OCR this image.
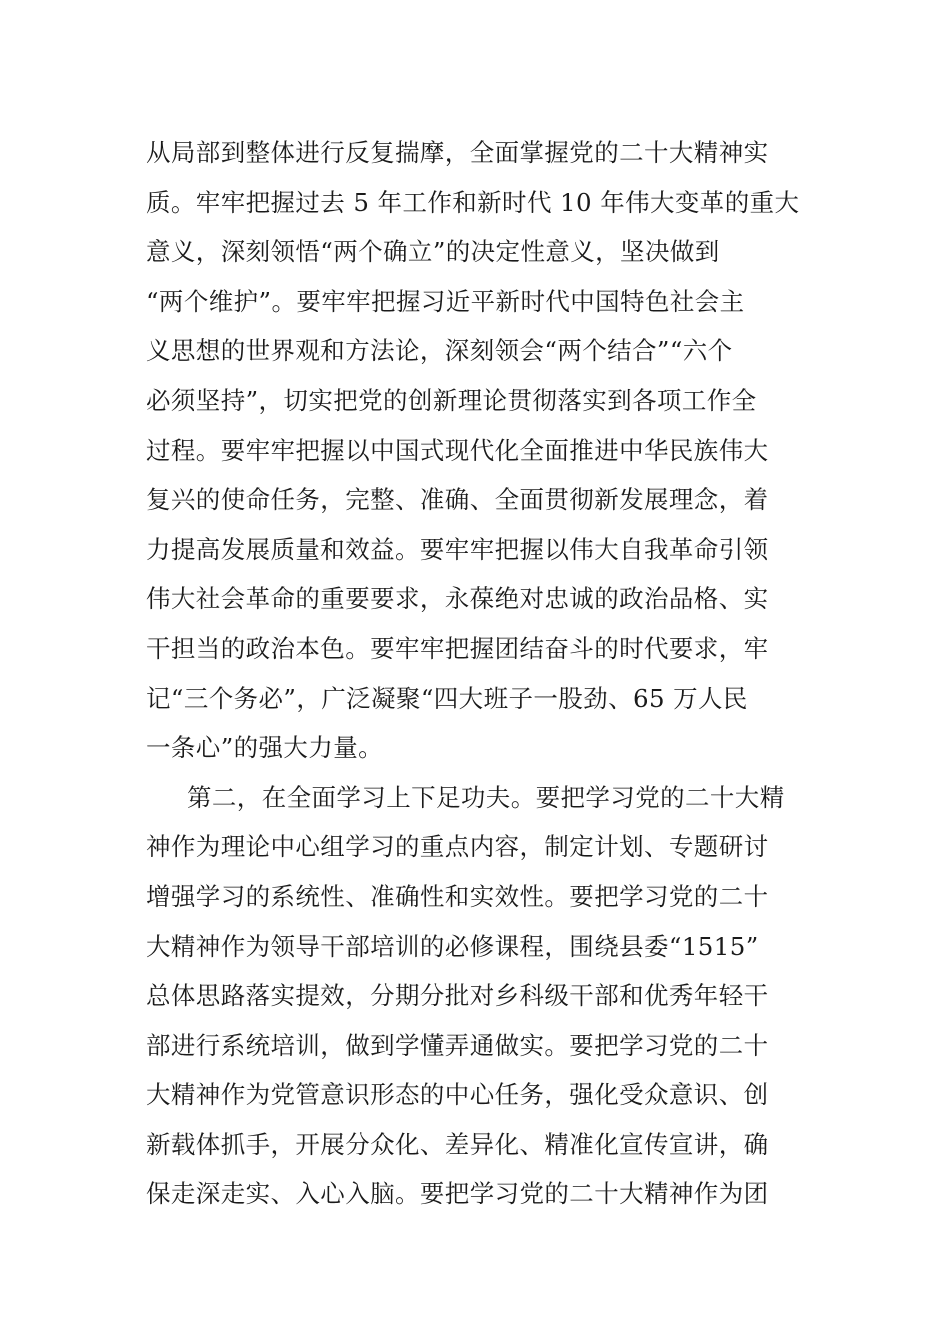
从局部到整体进行反复揣摩，全面掌握党的二十大精神实
质。牢牢把握过去 5 年工作和新时代 10 年伟大变革的重大
意义，深刻领悟“两个确立”的决定性意义，坚决做到
“两个维护”。要牢牢把握习近平新时代中国特色社会主
义思想的世界观和方法论，深刻领会“两个结合”“六个
必须坚持”，切实把党的创新理论贯彻落实到各项工作全
过程。要牢牢把握以中国式现代化全面推进中华民族伟大
复兴的使命任务，完整、准确、全面贯彻新发展理念，着
力提高发展质量和效益。要牢牢把握以伟大自我革命引领
伟大社会革命的重要要求，永葆绝对忠诚的政治品格、实
干担当的政治本色。要牢牢把握团结奋斗的时代要求，牢
记“三个务必”，广泛凝聚“四大班子一股劲、65 万人民
一条心”的强大力量。
第二，在全面学习上下足功夫。要把学习党的二十大精
神作为理论中心组学习的重点内容，制定计划、专题研讨
增强学习的系统性、准确性和实效性。要把学习党的二十
大精神作为领导干部培训的必修课程，围绕县委“1515”
总体思路落实提效，分期分批对乡科级干部和优秀年轻干
部进行系统培训，做到学懂弄通做实。要把学习党的二十
大精神作为党管意识形态的中心任务，强化受众意识、创
新载体抓手，开展分众化、差异化、精准化宣传宣讲，确
保走深走实、入心入脑。要把学习党的二十大精神作为团
